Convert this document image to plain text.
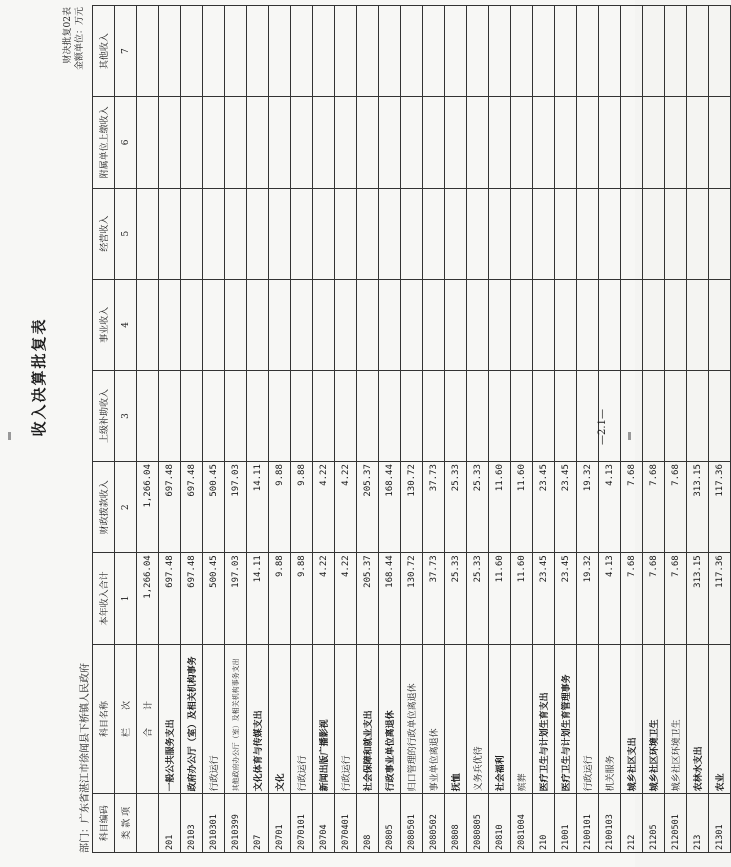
收入决算批复表
部门：广东省湛江市徐闻县下桥镇人民政府
财决批复02表 金额单位：万元
科目编码	科目名称	本年收入合计	财政拨款收入	上级补助收入	事业收入	经营收入	附属单位上缴收入	其他收入
类 款 项	栏　　次	1	2	3	4	5	6	7
	合　　计	1,266.04	1,266.04					
201	一般公共服务支出	697.48	697.48					
20103	政府办公厅（室）及相关机构事务	697.48	697.48					
2010301	行政运行	500.45	500.45					
2010399	其他政府办公厅（室）及相关机构事务支出	197.03	197.03					
207	文化体育与传媒支出	14.11	14.11					
20701	文化	9.88	9.88					
2070101	行政运行	9.88	9.88					
20704	新闻出版广播影视	4.22	4.22					
2070401	行政运行	4.22	4.22					
208	社会保障和就业支出	205.37	205.37					
20805	行政事业单位离退休	168.44	168.44					
2080501	归口管理的行政单位离退休	130.72	130.72					
2080502	事业单位离退休	37.73	37.73					
20808	抚恤	25.33	25.33					
2080805	义务兵优待	25.33	25.33					
20810	社会福利	11.60	11.60					
2081004	殡葬	11.60	11.60					
210	医疗卫生与计划生育支出	23.45	23.45					
21001	医疗卫生与计划生育管理事务	23.45	23.45					
2100101	行政运行	19.32	19.32					
2100103	机关服务	4.13	4.13					
212	城乡社区支出	7.68	7.68					
21205	城乡社区环境卫生	7.68	7.68					
2120501	城乡社区环境卫生	7.68	7.68					
213	农林水支出	313.15	313.15					
21301	农业	117.36	117.36					
—2.1—
